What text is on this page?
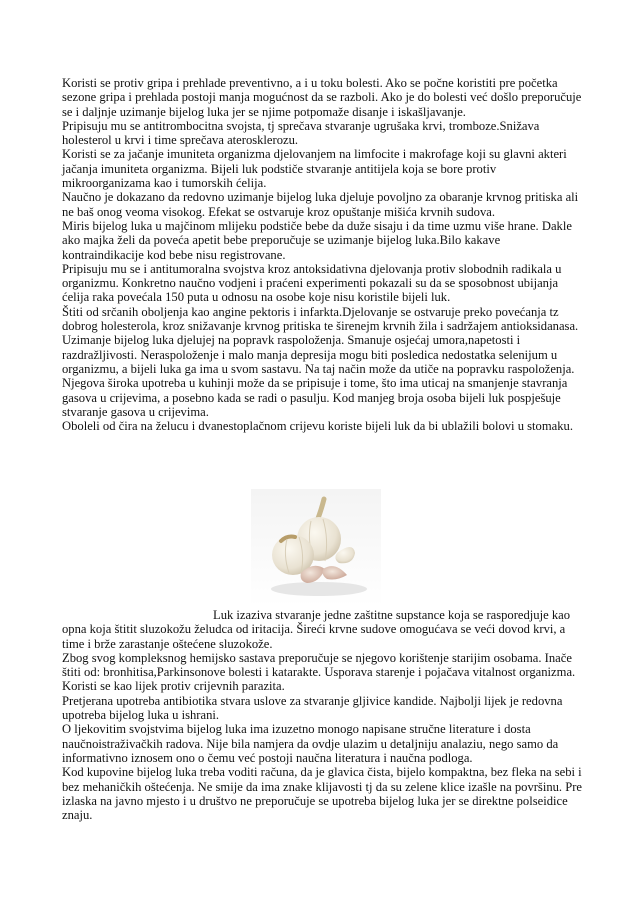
Koristi se protiv gripa i prehlade preventivno, a i u toku bolesti. Ako se počne koristiti pre početka sezone gripa i prehlada postoji manja mogućnost da se razboli. Ako je do bolesti već došlo preporučuje se i daljnje uzimanje bijelog luka jer se njime potpomaže disanje i iskašljavanje.

Pripisuju mu se antitrombocitna svojsta, tj sprečava stvaranje ugrušaka krvi, tromboze.Snižava holesterol u krvi i time sprečava aterosklerozu.

Koristi se za jačanje imuniteta organizma djelovanjem na limfocite i makrofage koji su glavni akteri jačanja imuniteta organizma. Bijeli luk podstiče stvaranje antitijela koja se bore protiv mikroorganizama kao i tumorskih ćelija.

Naučno je dokazano da redovno uzimanje bijelog luka djeluje povoljno za obaranje krvnog pritiska ali ne baš onog veoma visokog. Efekat se ostvaruje kroz opuštanje mišića krvnih sudova.

Miris bijelog luka u majčinom mlijeku podstiče bebe da duže sisaju i da time uzmu više hrane. Dakle ako majka želi da poveća apetit bebe preporučuje se uzimanje bijelog luka.Bilo kakave kontraindikacije kod bebe nisu registrovane.

Pripisuju mu se i antitumoralna svojstva kroz antoksidativna djelovanja protiv slobodnih radikala u organizmu. Konkretno naučno vodjeni i praćeni experimenti pokazali su da se sposobnost ubijanja ćelija raka povećala 150 puta u odnosu na osobe koje nisu koristile bijeli luk.

Štiti od srčanih oboljenja kao angine pektoris i infarkta.Djelovanje se ostvaruje preko povećanja tz dobrog holesterola, kroz snižavanje krvnog pritiska te širenejm krvnih žila i sadržajem antioksidanasa.

Uzimanje bijelog luka djelujej na popravk raspoloženja. Smanuje osjećaj umora,napetosti i razdražljivosti. Neraspoloženje i malo manja depresija mogu biti posledica nedostatka selenijum u organizmu, a bijeli luka ga ima u svom sastavu. Na taj način može da utiče na popravku raspoloženja.

Njegova široka upotreba u kuhinji može da se pripisuje i tome, što ima uticaj na smanjenje stavranja gasova u crijevima, a posebno kada se radi o pasulju. Kod manjeg broja osoba bijeli luk pospješuje stvaranje gasova u crijevima.

Oboleli od čira na želucu i dvanestoplačnom crijevu koriste bijeli luk da bi ublažili bolovi u stomaku.

Luk izaziva stvaranje jedne zaštitne supstance koja se rasporedjuje kao opna koja štitit sluzokožu želudca od iritacija. Šireći krvne sudove omogućava se veći dovod krvi, a time i brže zarastanje oštećene sluzokože.

Zbog svog kompleksnog hemijsko sastava preporučuje se njegovo korištenje starijim osobama. Inače štiti od: bronhitisa,Parkinsonove bolesti i katarakte. Usporava starenje i pojačava vitalnost organizma. Koristi se kao lijek protiv crijevnih parazita.

Pretjerana upotreba antibiotika stvara uslove za stvaranje gljivice kandide. Najbolji lijek je redovna upotreba bijelog luka u ishrani.

O ljekovitim svojstvima bijelog luka ima izuzetno monogo napisane stručne literature i dosta naučnoistraživačkih radova. Nije bila namjera da ovdje ulazim u detaljniju analaziu, nego samo da informativno iznosem ono o čemu već postoji naučna literatura i naučna podloga.

Kod kupovine bijelog luka treba voditi računa, da je glavica čista, bijelo kompaktna, bez fleka na sebi i bez mehaničkih oštećenja. Ne smije da ima znake klijavosti tj da su zelene klice izašle na površinu. Pre izlaska na javno mjesto i u društvo ne preporučuje se upotreba bijelog luka jer se direktne polseidice znaju.
